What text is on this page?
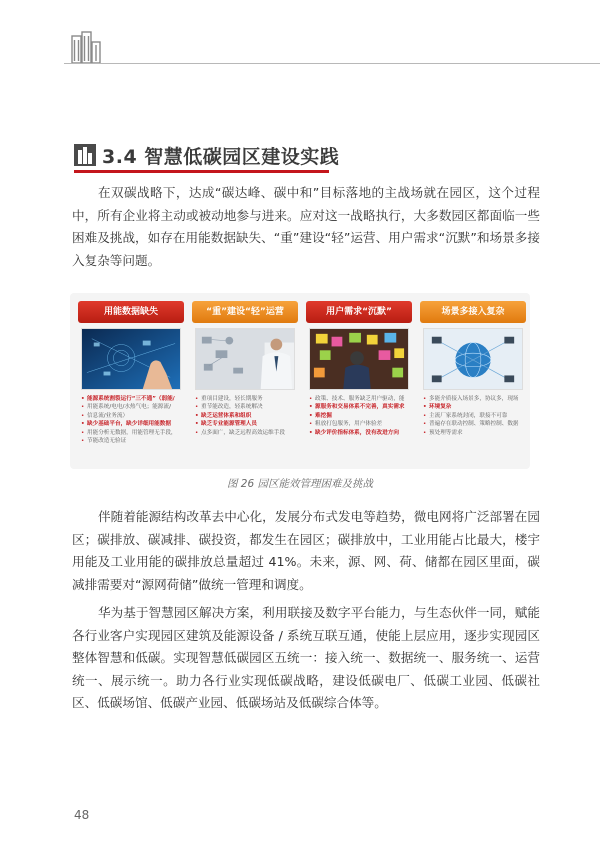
3.4 智慧低碳园区建设实践

在双碳战略下，达成“碳达峰、碳中和”目标落地的主战场就在园区，这个过程中，所有企业将主动或被动地参与进来。应对这一战略执行，大多数园区都面临一些困难及挑战，如存在用能数据缺失、“重”建设“轻”运营、用户需求“沉默”和场景多接入复杂等问题。

用能数据缺失
• 能源系统割裂运行“三不通”（弱能/
• 用能系统/电电/水热气电；能源流/
• 信息流/业务流）
• 缺少基础平台，缺少详细用能数据
• 用能分析无数据，用能管理无手段，
• 节能改造无验证
“重”建设“轻”运营
• 重项目建设，轻长期服务
• 重节能改造，轻系统解决
• 缺乏运营体系和组织
• 缺乏专业能源管理人员
• 点多面广，缺乏远程高效运维手段
用户需求“沉默”
• 政策、技术、服务缺乏用户驱动，能
• 源服务和交易体系不完善，真实需求
• 难挖掘
• 粗放打包服务，用户体验差
• 缺少评价指标体系，没有改进方向
场景多接入复杂
• 多能介质接入场景多，协议多，现场
• 环境复杂
• 主流厂家系统封闭，联接不可靠
• 普遍存在联动控制、策略控制、数据
• 预处理等需求
图 26 园区能效管理困难及挑战

伴随着能源结构改革去中心化，发展分布式发电等趋势，微电网将广泛部署在园区；碳排放、碳减排、碳投资，都发生在园区；碳排放中，工业用能占比最大，楼宇用能及工业用能的碳排放总量超过 41%。未来，源、网、荷、储都在园区里面，碳减排需要对“源网荷储”做统一管理和调度。

华为基于智慧园区解决方案，利用联接及数字平台能力，与生态伙伴一同，赋能各行业客户实现园区建筑及能源设备 / 系统互联互通，使能上层应用，逐步实现园区整体智慧和低碳。实现智慧低碳园区五统一：接入统一、数据统一、服务统一、运营统一、展示统一。助力各行业实现低碳战略，建设低碳电厂、低碳工业园、低碳社区、低碳场馆、低碳产业园、低碳场站及低碳综合体等。

48
